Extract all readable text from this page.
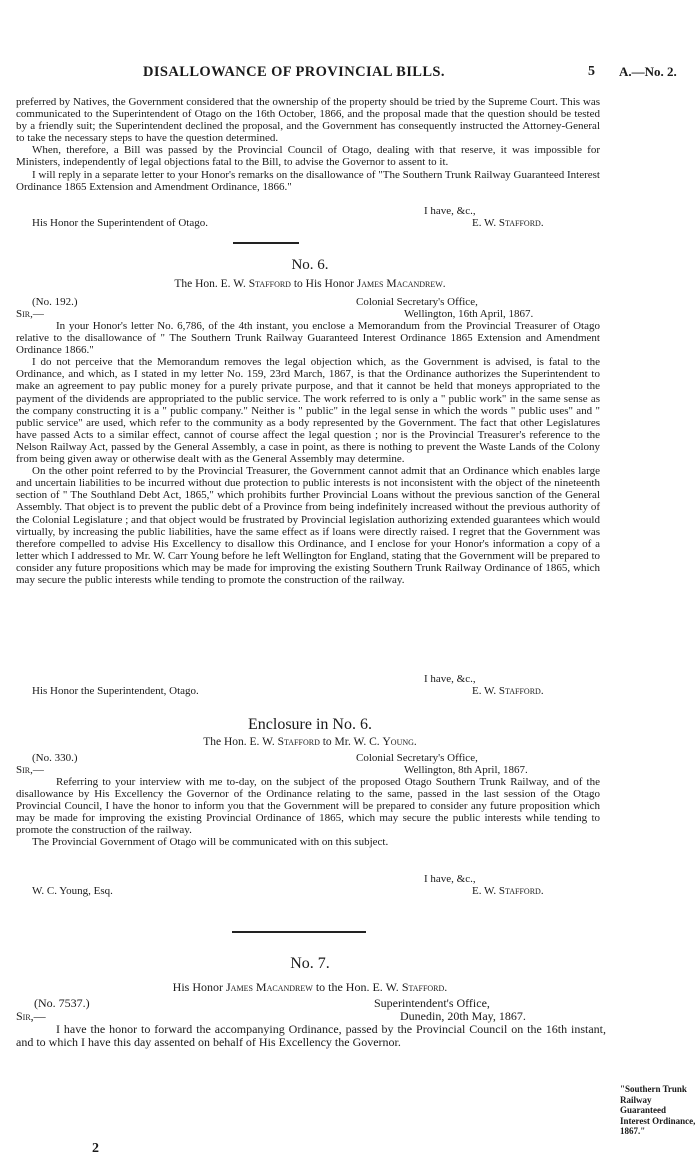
DISALLOWANCE OF PROVINCIAL BILLS.	5 A.—No. 2.

preferred by Natives, the Government considered that the ownership of the property should be tried by the Supreme Court. This was communicated to the Superintendent of Otago on the 16th October, 1866, and the proposal made that the question should be tested by a friendly suit; the Superintendent declined the proposal, and the Government has consequently instructed the Attorney-General to take the necessary steps to have the question determined.

When, therefore, a Bill was passed by the Provincial Council of Otago, dealing with that reserve, it was impossible for Ministers, independently of legal objections fatal to the Bill, to advise the Governor to assent to it.

I will reply in a separate letter to your Honor's remarks on the disallowance of "The Southern Trunk Railway Guaranteed Interest Ordinance 1865 Extension and Amendment Ordinance, 1866."

I have, &c.,
His Honor the Superintendent of Otago.	E. W. Stafford.
No. 6.
The Hon. E. W. Stafford to His Honor James Macandrew.
(No. 192.)
Sir,—
Colonial Secretary's Office,
Wellington, 16th April, 1867.

In your Honor's letter No. 6,786, of the 4th instant, you enclose a Memorandum from the Provincial Treasurer of Otago relative to the disallowance of " The Southern Trunk Railway Guaranteed Interest Ordinance 1865 Extension and Amendment Ordinance 1866."

I do not perceive that the Memorandum removes the legal objection which, as the Government is advised, is fatal to the Ordinance, and which, as I stated in my letter No. 159, 23rd March, 1867, is that the Ordinance authorizes the Superintendent to make an agreement to pay public money for a purely private purpose, and that it cannot be held that moneys appropriated to the payment of the dividends are appropriated to the public service. The work referred to is only a " public work" in the same sense as the company constructing it is a " public company." Neither is " public" in the legal sense in which the words " public uses" and " public service" are used, which refer to the community as a body represented by the Government. The fact that other Legislatures have passed Acts to a similar effect, cannot of course affect the legal question ; nor is the Provincial Treasurer's reference to the Nelson Railway Act, passed by the General Assembly, a case in point, as there is nothing to prevent the Waste Lands of the Colony from being given away or otherwise dealt with as the General Assembly may determine.

On the other point referred to by the Provincial Treasurer, the Government cannot admit that an Ordinance which enables large and uncertain liabilities to be incurred without due protection to public interests is not inconsistent with the object of the nineteenth section of " The Southland Debt Act, 1865," which prohibits further Provincial Loans without the previous sanction of the General Assembly. That object is to prevent the public debt of a Province from being indefinitely increased without the previous authority of the Colonial Legislature ; and that object would be frustrated by Provincial legislation authorizing extended guarantees which would virtually, by increasing the public liabilities, have the same effect as if loans were directly raised. I regret that the Government was therefore compelled to advise His Excellency to disallow this Ordinance, and I enclose for your Honor's information a copy of a letter which I addressed to Mr. W. Carr Young before he left Wellington for England, stating that the Government will be prepared to consider any future propositions which may be made for improving the existing Southern Trunk Railway Ordinance of 1865, which may secure the public interests while tending to promote the construction of the railway.

I have, &c.,
His Honor the Superintendent, Otago.	E. W. Stafford.
Enclosure in No. 6.
The Hon. E. W. Stafford to Mr. W. C. Young.
(No. 330.)
Sir,—
Colonial Secretary's Office,
Wellington, 8th April, 1867.

Referring to your interview with me to-day, on the subject of the proposed Otago Southern Trunk Railway, and of the disallowance by His Excellency the Governor of the Ordinance relating to the same, passed in the last session of the Otago Provincial Council, I have the honor to inform you that the Government will be prepared to consider any future proposition which may be made for improving the existing Provincial Ordinance of 1865, which may secure the public interests while tending to promote the construction of the railway.

The Provincial Government of Otago will be communicated with on this subject.

I have, &c.,
W. C. Young, Esq.	E. W. Stafford.
No. 7.
His Honor James Macandrew to the Hon. E. W. Stafford.
(No. 7537.)
Sir,—
Superintendent's Office,
Dunedin, 20th May, 1867.

I have the honor to forward the accompanying Ordinance, passed by the Provincial Council on the 16th instant, and to which I have this day assented on behalf of His Excellency the Governor.

"Southern Trunk Railway Guaranteed Interest Ordinance, 1867."
2
